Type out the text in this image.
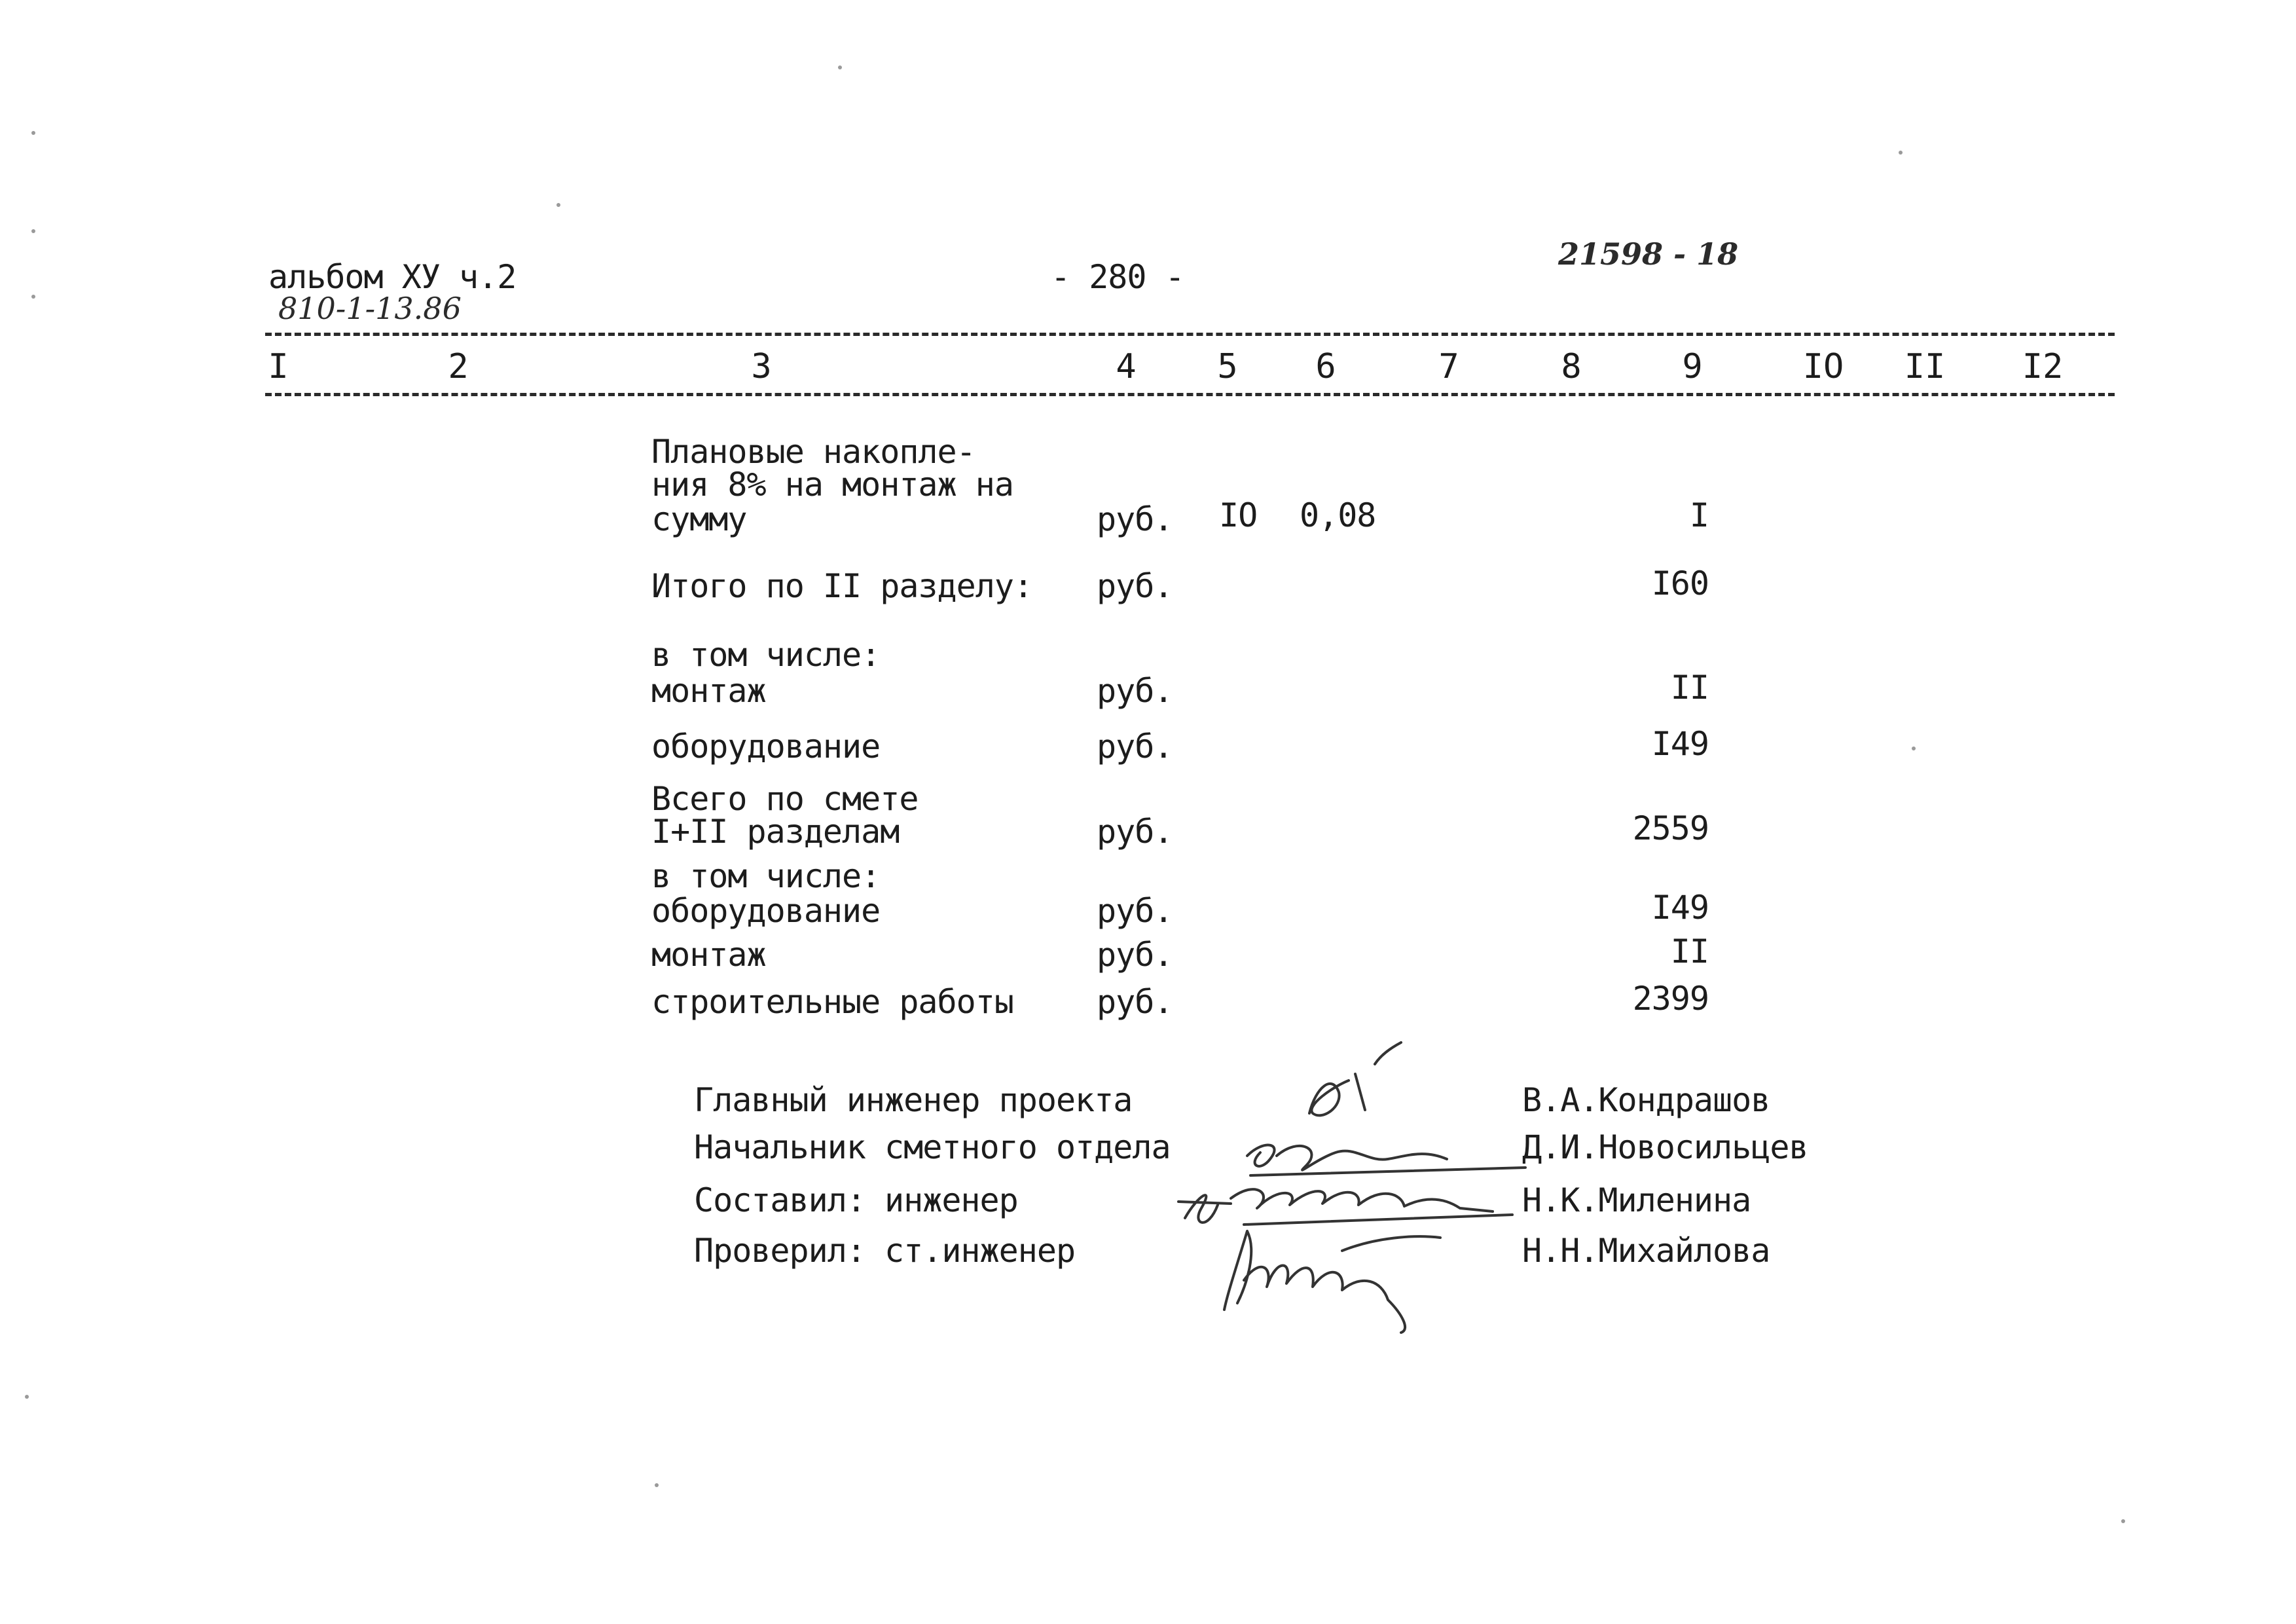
альбом ХУ ч.2
810-1-13.86
- 280 -
21598 - 18
I	2	3	4 5 6	7	8	9	IO II I2
Плановые накопле-
ния 8% на монтаж на
сумму	руб. IO 0,08	I
Итого по II разделу: руб.	I60
в том числе:
монтаж	руб.	II
оборудование	руб.	I49
Всего по смете
I+II разделам	руб.	2559
в том числе:
оборудование	руб.	I49
монтаж	руб.	II
строительные работы	руб.	2399
Главный инженер проекта	В.А.Кондрашов
Начальник сметного отдела	Д.И.Новосильцев
Составил: инженер	Н.К.Миленина
Проверил: ст.инженер	Н.Н.Михайлова
